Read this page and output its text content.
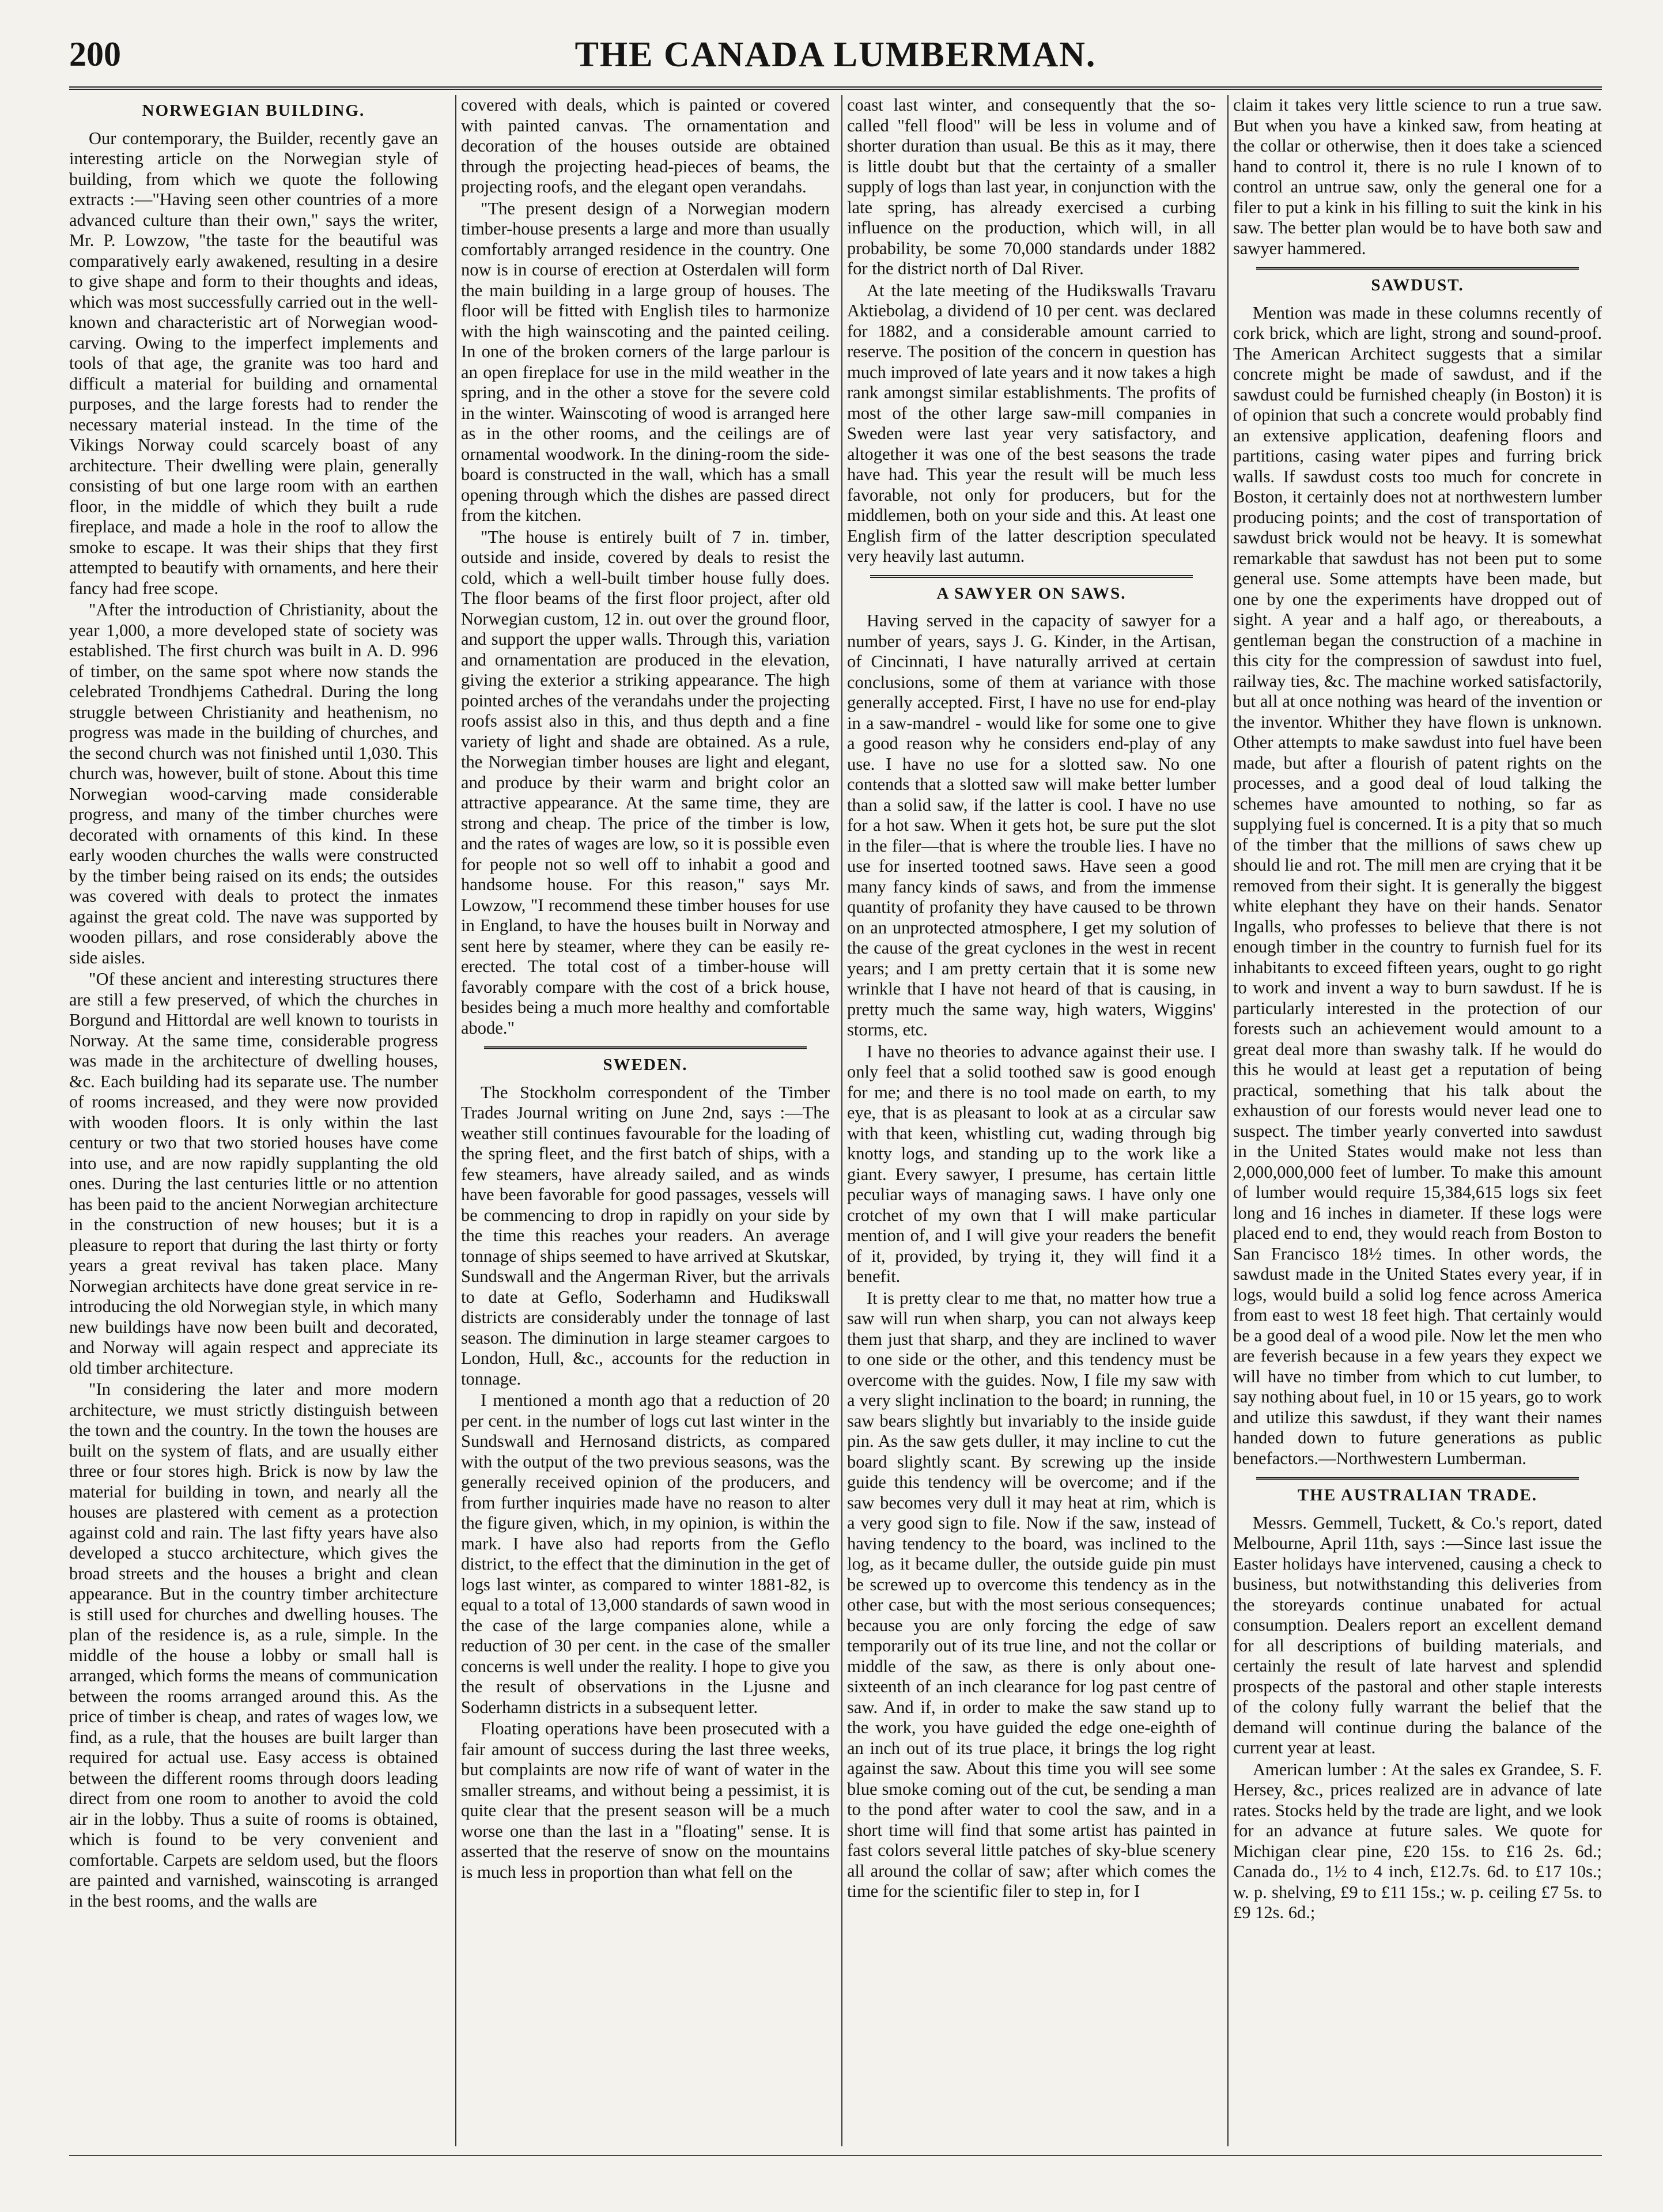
200	THE CANADA LUMBERMAN.
NORWEGIAN BUILDING.

Our contemporary, the Builder, recently gave an interesting article on the Norwegian style of building, from which we quote the following extracts :—"Having seen other countries of a more advanced culture than their own," says the writer, Mr. P. Lowzow, "the taste for the beautiful was comparatively early awakened, resulting in a desire to give shape and form to their thoughts and ideas, which was most successfully carried out in the well-known and characteristic art of Norwegian wood-carving. Owing to the imperfect implements and tools of that age, the granite was too hard and difficult a material for building and ornamental purposes, and the large forests had to render the necessary material instead. In the time of the Vikings Norway could scarcely boast of any architecture. Their dwelling were plain, generally consisting of but one large room with an earthen floor, in the middle of which they built a rude fireplace, and made a hole in the roof to allow the smoke to escape. It was their ships that they first attempted to beautify with ornaments, and here their fancy had free scope.

"After the introduction of Christianity, about the year 1,000, a more developed state of society was established. The first church was built in A. D. 996 of timber, on the same spot where now stands the celebrated Trondhjems Cathedral. During the long struggle between Christianity and heathenism, no progress was made in the building of churches, and the second church was not finished until 1,030. This church was, however, built of stone. About this time Norwegian wood-carving made considerable progress, and many of the timber churches were decorated with ornaments of this kind. In these early wooden churches the walls were constructed by the timber being raised on its ends; the outsides was covered with deals to protect the inmates against the great cold. The nave was supported by wooden pillars, and rose considerably above the side aisles.

"Of these ancient and interesting structures there are still a few preserved, of which the churches in Borgund and Hittordal are well known to tourists in Norway. At the same time, considerable progress was made in the architecture of dwelling houses, &c. Each building had its separate use. The number of rooms increased, and they were now provided with wooden floors. It is only within the last century or two that two storied houses have come into use, and are now rapidly supplanting the old ones. During the last centuries little or no attention has been paid to the ancient Norwegian architecture in the construction of new houses; but it is a pleasure to report that during the last thirty or forty years a great revival has taken place. Many Norwegian architects have done great service in re-introducing the old Norwegian style, in which many new buildings have now been built and decorated, and Norway will again respect and appreciate its old timber architecture.

"In considering the later and more modern architecture, we must strictly distinguish between the town and the country. In the town the houses are built on the system of flats, and are usually either three or four stores high. Brick is now by law the material for building in town, and nearly all the houses are plastered with cement as a protection against cold and rain. The last fifty years have also developed a stucco architecture, which gives the broad streets and the houses a bright and clean appearance. But in the country timber architecture is still used for churches and dwelling houses. The plan of the residence is, as a rule, simple. In the middle of the house a lobby or small hall is arranged, which forms the means of communication between the rooms arranged around this. As the price of timber is cheap, and rates of wages low, we find, as a rule, that the houses are built larger than required for actual use. Easy access is obtained between the different rooms through doors leading direct from one room to another to avoid the cold air in the lobby. Thus a suite of rooms is obtained, which is found to be very convenient and comfortable. Carpets are seldom used, but the floors are painted and varnished, wainscoting is arranged in the best rooms, and the walls are

covered with deals, which is painted or covered with painted canvas. The ornamentation and decoration of the houses outside are obtained through the projecting head-pieces of beams, the projecting roofs, and the elegant open verandahs.

"The present design of a Norwegian modern timber-house presents a large and more than usually comfortably arranged residence in the country. One now is in course of erection at Osterdalen will form the main building in a large group of houses. The floor will be fitted with English tiles to harmonize with the high wainscoting and the painted ceiling. In one of the broken corners of the large parlour is an open fireplace for use in the mild weather in the spring, and in the other a stove for the severe cold in the winter. Wainscoting of wood is arranged here as in the other rooms, and the ceilings are of ornamental woodwork. In the dining-room the side-board is constructed in the wall, which has a small opening through which the dishes are passed direct from the kitchen.

"The house is entirely built of 7 in. timber, outside and inside, covered by deals to resist the cold, which a well-built timber house fully does. The floor beams of the first floor project, after old Norwegian custom, 12 in. out over the ground floor, and support the upper walls. Through this, variation and ornamentation are produced in the elevation, giving the exterior a striking appearance. The high pointed arches of the verandahs under the projecting roofs assist also in this, and thus depth and a fine variety of light and shade are obtained. As a rule, the Norwegian timber houses are light and elegant, and produce by their warm and bright color an attractive appearance. At the same time, they are strong and cheap. The price of the timber is low, and the rates of wages are low, so it is possible even for people not so well off to inhabit a good and handsome house. For this reason," says Mr. Lowzow, "I recommend these timber houses for use in England, to have the houses built in Norway and sent here by steamer, where they can be easily re-erected. The total cost of a timber-house will favorably compare with the cost of a brick house, besides being a much more healthy and comfortable abode."

SWEDEN.

The Stockholm correspondent of the Timber Trades Journal writing on June 2nd, says :—The weather still continues favourable for the loading of the spring fleet, and the first batch of ships, with a few steamers, have already sailed, and as winds have been favorable for good passages, vessels will be commencing to drop in rapidly on your side by the time this reaches your readers. An average tonnage of ships seemed to have arrived at Skutskar, Sundswall and the Angerman River, but the arrivals to date at Geflo, Soderhamn and Hudikswall districts are considerably under the tonnage of last season. The diminution in large steamer cargoes to London, Hull, &c., accounts for the reduction in tonnage.

I mentioned a month ago that a reduction of 20 per cent. in the number of logs cut last winter in the Sundswall and Hernosand districts, as compared with the output of the two previous seasons, was the generally received opinion of the producers, and from further inquiries made have no reason to alter the figure given, which, in my opinion, is within the mark. I have also had reports from the Geflo district, to the effect that the diminution in the get of logs last winter, as compared to winter 1881-82, is equal to a total of 13,000 standards of sawn wood in the case of the large companies alone, while a reduction of 30 per cent. in the case of the smaller concerns is well under the reality. I hope to give you the result of observations in the Ljusne and Soderhamn districts in a subsequent letter.

Floating operations have been prosecuted with a fair amount of success during the last three weeks, but complaints are now rife of want of water in the smaller streams, and without being a pessimist, it is quite clear that the present season will be a much worse one than the last in a "floating" sense. It is asserted that the reserve of snow on the mountains is much less in proportion than what fell on the

coast last winter, and consequently that the so-called "fell flood" will be less in volume and of shorter duration than usual. Be this as it may, there is little doubt but that the certainty of a smaller supply of logs than last year, in conjunction with the late spring, has already exercised a curbing influence on the production, which will, in all probability, be some 70,000 standards under 1882 for the district north of Dal River.

At the late meeting of the Hudikswalls Travaru Aktiebolag, a dividend of 10 per cent. was declared for 1882, and a considerable amount carried to reserve. The position of the concern in question has much improved of late years and it now takes a high rank amongst similar establishments. The profits of most of the other large saw-mill companies in Sweden were last year very satisfactory, and altogether it was one of the best seasons the trade have had. This year the result will be much less favorable, not only for producers, but for the middlemen, both on your side and this. At least one English firm of the latter description speculated very heavily last autumn.

A SAWYER ON SAWS.

Having served in the capacity of sawyer for a number of years, says J. G. Kinder, in the Artisan, of Cincinnati, I have naturally arrived at certain conclusions, some of them at variance with those generally accepted. First, I have no use for end-play in a saw-mandrel - would like for some one to give a good reason why he considers end-play of any use. I have no use for a slotted saw. No one contends that a slotted saw will make better lumber than a solid saw, if the latter is cool. I have no use for a hot saw. When it gets hot, be sure put the slot in the filer—that is where the trouble lies. I have no use for inserted tootned saws. Have seen a good many fancy kinds of saws, and from the immense quantity of profanity they have caused to be thrown on an unprotected atmosphere, I get my solution of the cause of the great cyclones in the west in recent years; and I am pretty certain that it is some new wrinkle that I have not heard of that is causing, in pretty much the same way, high waters, Wiggins' storms, etc.

I have no theories to advance against their use. I only feel that a solid toothed saw is good enough for me; and there is no tool made on earth, to my eye, that is as pleasant to look at as a circular saw with that keen, whistling cut, wading through big knotty logs, and standing up to the work like a giant. Every sawyer, I presume, has certain little peculiar ways of managing saws. I have only one crotchet of my own that I will make particular mention of, and I will give your readers the benefit of it, provided, by trying it, they will find it a benefit.

It is pretty clear to me that, no matter how true a saw will run when sharp, you can not always keep them just that sharp, and they are inclined to waver to one side or the other, and this tendency must be overcome with the guides. Now, I file my saw with a very slight inclination to the board; in running, the saw bears slightly but invariably to the inside guide pin. As the saw gets duller, it may incline to cut the board slightly scant. By screwing up the inside guide this tendency will be overcome; and if the saw becomes very dull it may heat at rim, which is a very good sign to file. Now if the saw, instead of having tendency to the board, was inclined to the log, as it became duller, the outside guide pin must be screwed up to overcome this tendency as in the other case, but with the most serious consequences; because you are only forcing the edge of saw temporarily out of its true line, and not the collar or middle of the saw, as there is only about one-sixteenth of an inch clearance for log past centre of saw. And if, in order to make the saw stand up to the work, you have guided the edge one-eighth of an inch out of its true place, it brings the log right against the saw. About this time you will see some blue smoke coming out of the cut, be sending a man to the pond after water to cool the saw, and in a short time will find that some artist has painted in fast colors several little patches of sky-blue scenery all around the collar of saw; after which comes the time for the scientific filer to step in, for I

claim it takes very little science to run a true saw. But when you have a kinked saw, from heating at the collar or otherwise, then it does take a scienced hand to control it, there is no rule I known of to control an untrue saw, only the general one for a filer to put a kink in his filling to suit the kink in his saw. The better plan would be to have both saw and sawyer hammered.

SAWDUST.

Mention was made in these columns recently of cork brick, which are light, strong and sound-proof. The American Architect suggests that a similar concrete might be made of sawdust, and if the sawdust could be furnished cheaply (in Boston) it is of opinion that such a concrete would probably find an extensive application, deafening floors and partitions, casing water pipes and furring brick walls. If sawdust costs too much for concrete in Boston, it certainly does not at northwestern lumber producing points; and the cost of transportation of sawdust brick would not be heavy. It is somewhat remarkable that sawdust has not been put to some general use. Some attempts have been made, but one by one the experiments have dropped out of sight. A year and a half ago, or thereabouts, a gentleman began the construction of a machine in this city for the compression of sawdust into fuel, railway ties, &c. The machine worked satisfactorily, but all at once nothing was heard of the invention or the inventor. Whither they have flown is unknown. Other attempts to make sawdust into fuel have been made, but after a flourish of patent rights on the processes, and a good deal of loud talking the schemes have amounted to nothing, so far as supplying fuel is concerned. It is a pity that so much of the timber that the millions of saws chew up should lie and rot. The mill men are crying that it be removed from their sight. It is generally the biggest white elephant they have on their hands. Senator Ingalls, who professes to believe that there is not enough timber in the country to furnish fuel for its inhabitants to exceed fifteen years, ought to go right to work and invent a way to burn sawdust. If he is particularly interested in the protection of our forests such an achievement would amount to a great deal more than swashy talk. If he would do this he would at least get a reputation of being practical, something that his talk about the exhaustion of our forests would never lead one to suspect. The timber yearly converted into sawdust in the United States would make not less than 2,000,000,000 feet of lumber. To make this amount of lumber would require 15,384,615 logs six feet long and 16 inches in diameter. If these logs were placed end to end, they would reach from Boston to San Francisco 18½ times. In other words, the sawdust made in the United States every year, if in logs, would build a solid log fence across America from east to west 18 feet high. That certainly would be a good deal of a wood pile. Now let the men who are feverish because in a few years they expect we will have no timber from which to cut lumber, to say nothing about fuel, in 10 or 15 years, go to work and utilize this sawdust, if they want their names handed down to future generations as public benefactors.—Northwestern Lumberman.

THE AUSTRALIAN TRADE.

Messrs. Gemmell, Tuckett, & Co.'s report, dated Melbourne, April 11th, says :—Since last issue the Easter holidays have intervened, causing a check to business, but notwithstanding this deliveries from the storeyards continue unabated for actual consumption. Dealers report an excellent demand for all descriptions of building materials, and certainly the result of late harvest and splendid prospects of the pastoral and other staple interests of the colony fully warrant the belief that the demand will continue during the balance of the current year at least.

American lumber : At the sales ex Grandee, S. F. Hersey, &c., prices realized are in advance of late rates. Stocks held by the trade are light, and we look for an advance at future sales. We quote for Michigan clear pine, £20 15s. to £16 2s. 6d.; Canada do., 1½ to 4 inch, £12.7s. 6d. to £17 10s.; w. p. shelving, £9 to £11 15s.; w. p. ceiling £7 5s. to £9 12s. 6d.;
